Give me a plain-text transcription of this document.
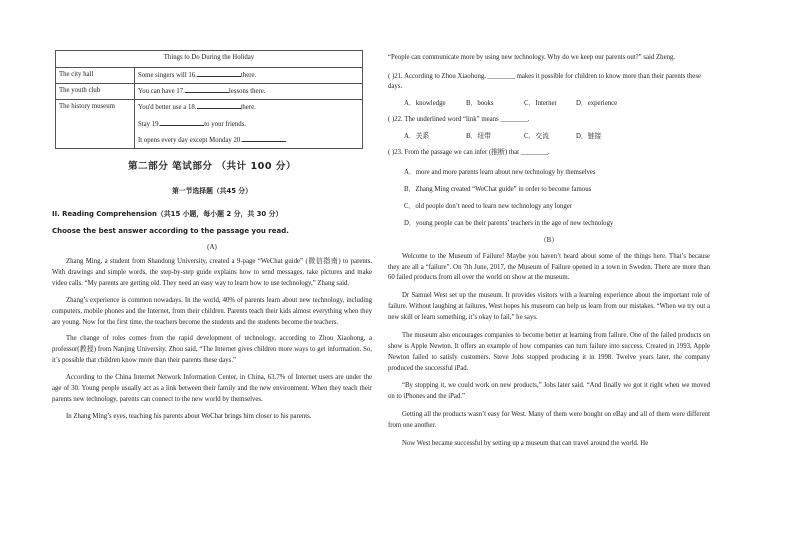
Things to Do During the Holiday	
The city hall	Some singers will 16. there.
The youth club	You can have 17. lessons there.
The history museum	You'd better use a 18. there.
Stay 19. to your friends.
It opens every day except Monday 20.
第二部分 笔试部分 （共计 100 分）
第一节选择题（共45 分）
II. Reading Comprehension（共15 小题，每小题 2 分，共 30 分）
Choose the best answer according to the passage you read.
(A)

Zhang Ming, a student from Shandong University, created a 9-page “WeChat guide” (微信指南) to parents. With drawings and simple words, the step-by-step guide explains how to send messages, take pictures and make video calls. “My parents are getting old. They need an easy way to learn how to use technology,” Zhang said.

Zhang’s experience is common nowadays. In the world, 40% of parents learn about new technology, including computers, mobile phones and the Internet, from their children. Parents teach their kids almost everything when they are young. Now for the first time, the teachers become the students and the students become the teachers.

The change of roles comes from the rapid development of technology, according to Zhou Xiaohong, a professor(教授) from Nanjing University. Zhou said, “The Internet gives children more ways to get information. So, it’s possible that children know more than their parents these days.”

According to the China Internet Network Information Center, in China, 63.7% of Internet users are under the age of 30. Young people usually act as a link between their family and the new environment. When they teach their parents new technology, parents can connect to the new world by themselves.

In Zhang Ming’s eyes, teaching his parents about WeChat brings him closer to his parents.

“People can communicate more by using new technology. Why do we keep our parents out?” said Zheng.

( )21. According to Zhou Xiaohong, ________ makes it possible for children to know more than their parents these days.
A．knowledge	B．books	C．Internet	D．experience
( )22. The underlined word “link” means ________.
A．关系	B．纽带	C．交流	D．链接
( )23. From the passage we can infer (推断) that ________.
A．more and more parents learn about new technology by themselves
B．Zhang Ming created “WeChat guide” in order to become famous
C．old people don’t need to learn new technology any longer
D．young people can be their parents’ teachers in the age of new technology
（B）

Welcome to the Museum of Failure! Maybe you haven’t heard about some of the things here. That’s because they are all a “failure”. On 7th June, 2017, the Museum of Failure opened in a town in Sweden. There are more than 60 failed products from all over the world on show at the museum.

Dr Samuel West set up the museum. It provides visitors with a learning experience about the important role of failure. Without laughing at failures, West hopes his museum can help us learn from our mistakes. “When we try out a new skill or learn something, it’s okay to fail,” he says.

The museum also encourages companies to become better at learning from failure. One of the failed products on show is Apple Newton. It offers an example of how companies can turn failure into success. Created in 1993, Apple Newton failed to satisfy customers. Steve Jobs stopped producing it in 1998. Twelve years later, the company produced the successful iPad.

“By stopping it, we could work on new products,” Jobs later said. “And finally we got it right when we moved on to iPhones and the iPad.”

Getting all the products wasn’t easy for West. Many of them were bought on eBay and all of them were different from one another.

Now West became successful by setting up a museum that can travel around the world. He
